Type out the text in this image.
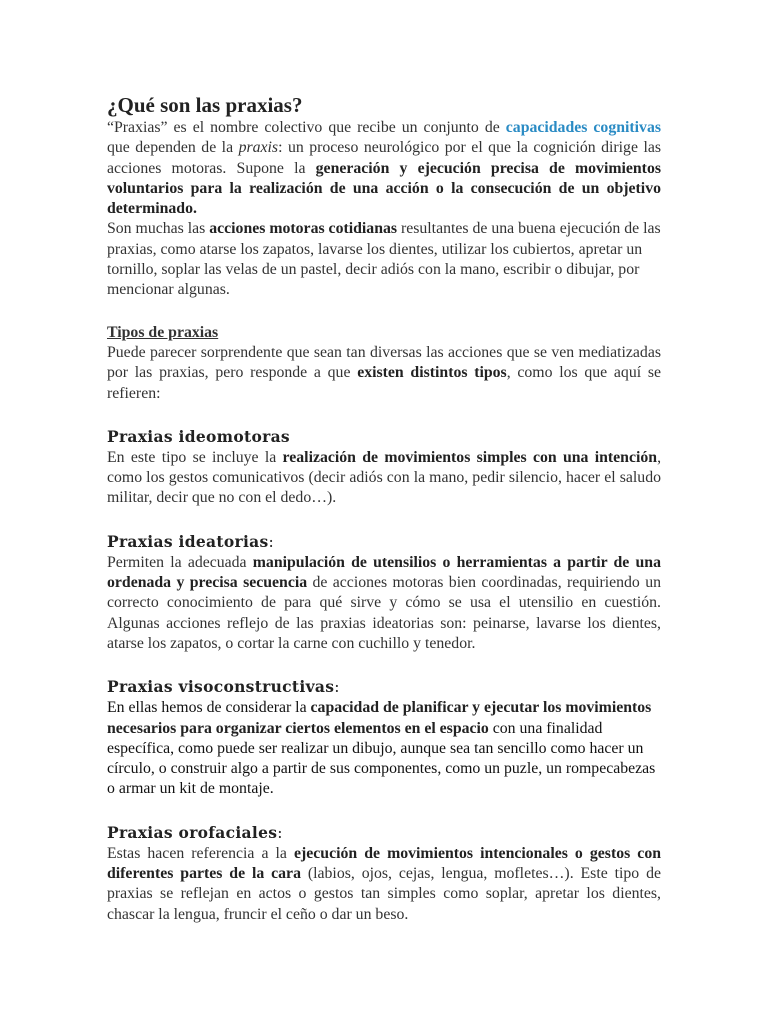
¿Qué son las praxias?

“Praxias” es el nombre colectivo que recibe un conjunto de capacidades cognitivas que dependen de la praxis: un proceso neurológico por el que la cognición dirige las acciones motoras. Supone la generación y ejecución precisa de movimientos voluntarios para la realización de una acción o la consecución de un objetivo determinado.

Son muchas las acciones motoras cotidianas resultantes de una buena ejecución de las praxias, como atarse los zapatos, lavarse los dientes, utilizar los cubiertos, apretar un tornillo, soplar las velas de un pastel, decir adiós con la mano, escribir o dibujar, por mencionar algunas.

Tipos de praxias

Puede parecer sorprendente que sean tan diversas las acciones que se ven mediatizadas por las praxias, pero responde a que existen distintos tipos, como los que aquí se refieren:

Praxias ideomotoras

En este tipo se incluye la realización de movimientos simples con una intención, como los gestos comunicativos (decir adiós con la mano, pedir silencio, hacer el saludo militar, decir que no con el dedo…).

Praxias ideatorias:

Permiten la adecuada manipulación de utensilios o herramientas a partir de una ordenada y precisa secuencia de acciones motoras bien coordinadas, requiriendo un correcto conocimiento de para qué sirve y cómo se usa el utensilio en cuestión. Algunas acciones reflejo de las praxias ideatorias son: peinarse, lavarse los dientes, atarse los zapatos, o cortar la carne con cuchillo y tenedor.

Praxias visoconstructivas:

En ellas hemos de considerar la capacidad de planificar y ejecutar los movimientos necesarios para organizar ciertos elementos en el espacio con una finalidad específica, como puede ser realizar un dibujo, aunque sea tan sencillo como hacer un círculo, o construir algo a partir de sus componentes, como un puzle, un rompecabezas o armar un kit de montaje.

Praxias orofaciales:

Estas hacen referencia a la ejecución de movimientos intencionales o gestos con diferentes partes de la cara (labios, ojos, cejas, lengua, mofletes…). Este tipo de praxias se reflejan en actos o gestos tan simples como soplar, apretar los dientes, chascar la lengua, fruncir el ceño o dar un beso.
